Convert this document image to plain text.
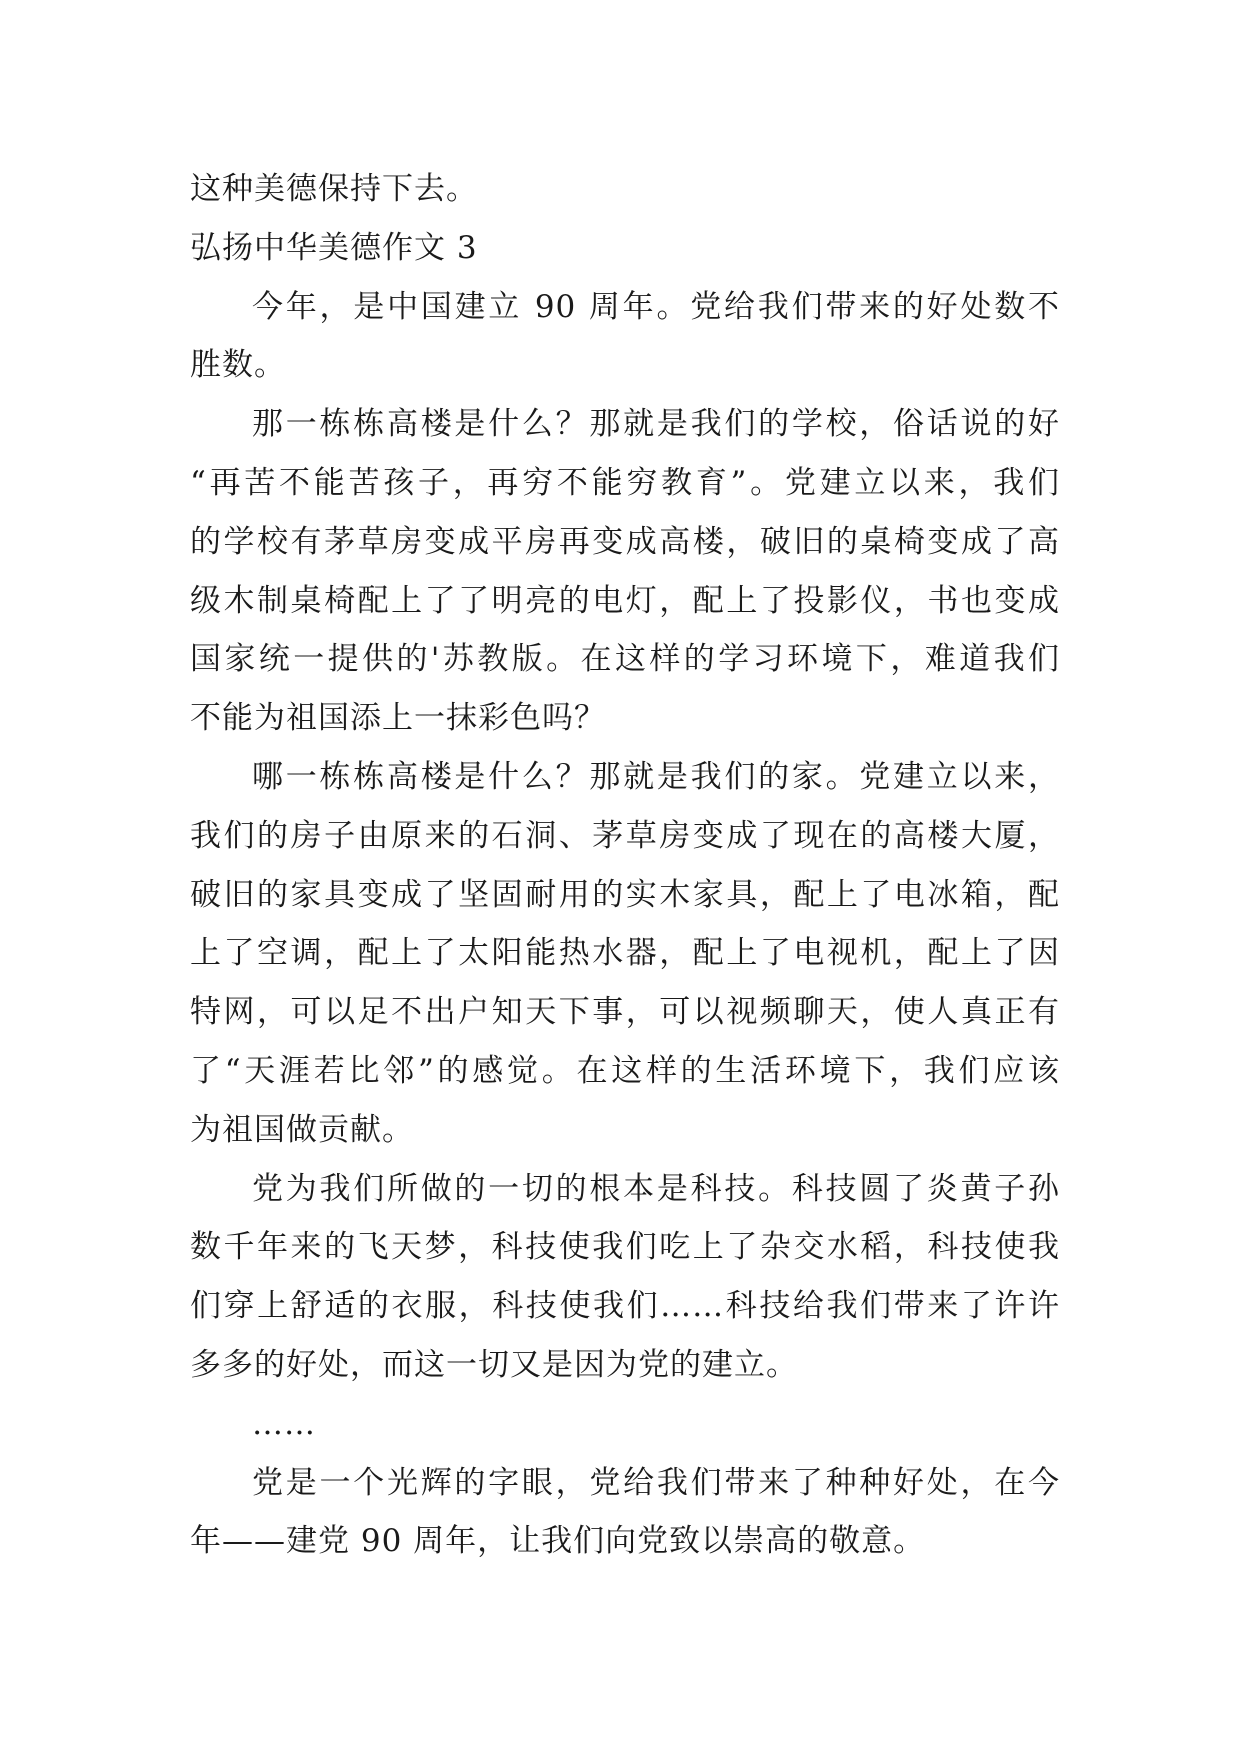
这种美德保持下去。

弘扬中华美德作文 3

今年，是中国建立 90 周年。党给我们带来的好处数不

胜数。

那一栋栋高楼是什么？那就是我们的学校，俗话说的好

“再苦不能苦孩子，再穷不能穷教育”。党建立以来，我们

的学校有茅草房变成平房再变成高楼，破旧的桌椅变成了高

级木制桌椅配上了了明亮的电灯，配上了投影仪，书也变成

国家统一提供的'苏教版。在这样的学习环境下，难道我们

不能为祖国添上一抹彩色吗？

哪一栋栋高楼是什么？那就是我们的家。党建立以来，

我们的房子由原来的石洞、茅草房变成了现在的高楼大厦，

破旧的家具变成了坚固耐用的实木家具，配上了电冰箱，配

上了空调，配上了太阳能热水器，配上了电视机，配上了因

特网，可以足不出户知天下事，可以视频聊天，使人真正有

了“天涯若比邻”的感觉。在这样的生活环境下，我们应该

为祖国做贡献。

党为我们所做的一切的根本是科技。科技圆了炎黄子孙

数千年来的飞天梦，科技使我们吃上了杂交水稻，科技使我

们穿上舒适的衣服，科技使我们……科技给我们带来了许许

多多的好处，而这一切又是因为党的建立。

……

党是一个光辉的字眼，党给我们带来了种种好处，在今

年——建党 90 周年，让我们向党致以崇高的敬意。
